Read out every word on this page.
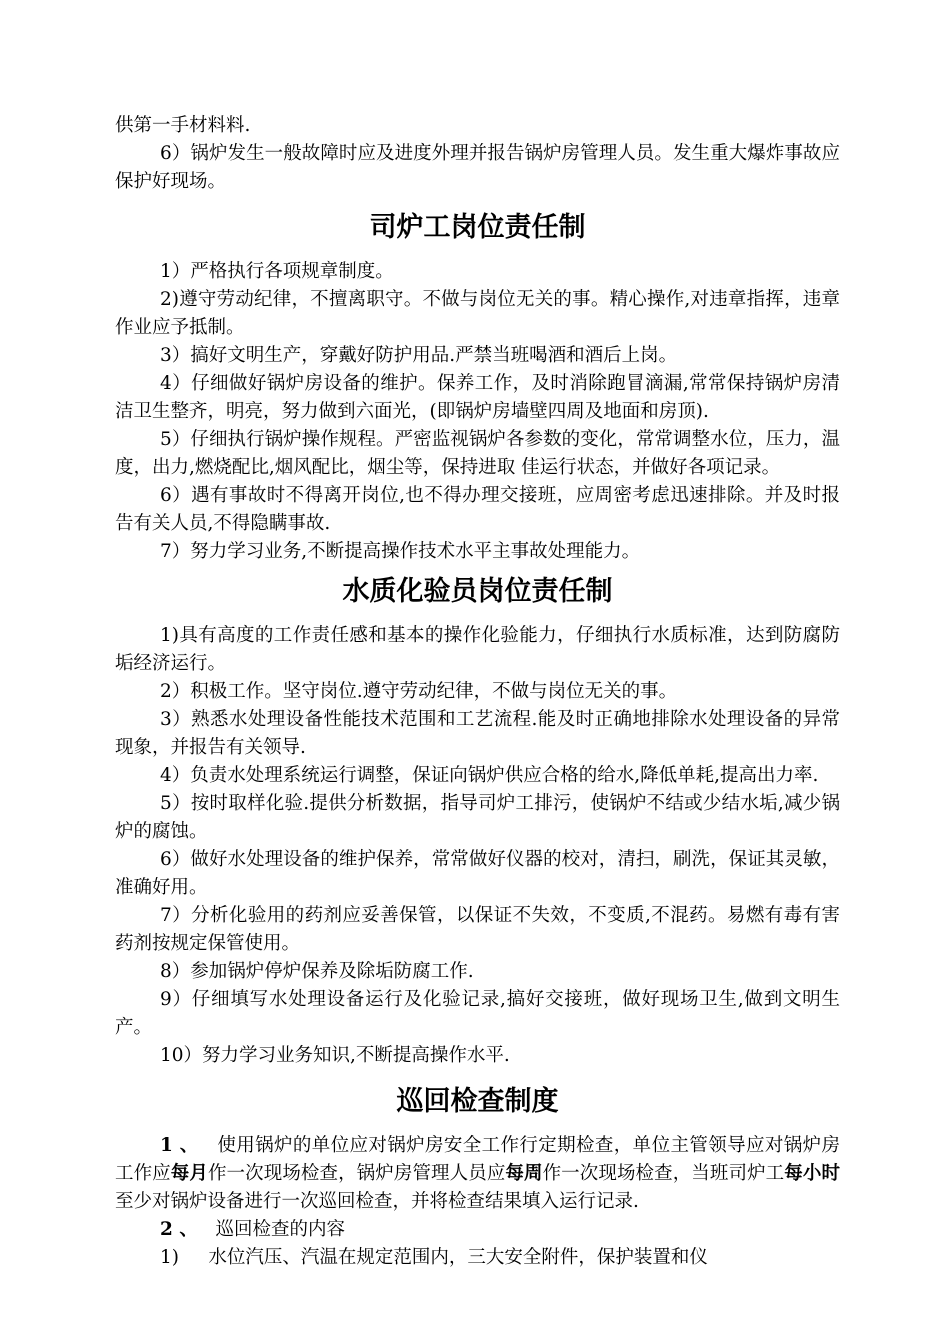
供第一手材料料.

6）锅炉发生一般故障时应及进度外理并报告锅炉房管理人员。发生重大爆炸事故应保护好现场。

司炉工岗位责任制

1）严格执行各项规章制度。

2)遵守劳动纪律，不擅离职守。不做与岗位无关的事。精心操作,对违章指挥，违章作业应予抵制。

3）搞好文明生产，穿戴好防护用品.严禁当班喝酒和酒后上岗。

4）仔细做好锅炉房设备的维护。保养工作，及时消除跑冒滴漏,常常保持锅炉房清洁卫生整齐，明亮，努力做到六面光，(即锅炉房墙壁四周及地面和房顶).

5）仔细执行锅炉操作规程。严密监视锅炉各参数的变化，常常调整水位，压力，温度，出力,燃烧配比,烟风配比，烟尘等，保持进取 佳运行状态，并做好各项记录。

6）遇有事故时不得离开岗位,也不得办理交接班，应周密考虑迅速排除。并及时报告有关人员,不得隐瞒事故.

7）努力学习业务,不断提高操作技术水平主事故处理能力。

水质化验员岗位责任制

1)具有高度的工作责任感和基本的操作化验能力，仔细执行水质标准，达到防腐防垢经济运行。

2）积极工作。坚守岗位.遵守劳动纪律，不做与岗位无关的事。

3）熟悉水处理设备性能技术范围和工艺流程.能及时正确地排除水处理设备的异常现象，并报告有关领导.

4）负责水处理系统运行调整，保证向锅炉供应合格的给水,降低单耗,提高出力率.

5）按时取样化验.提供分析数据，指导司炉工排污，使锅炉不结或少结水垢,减少锅炉的腐蚀。

6）做好水处理设备的维护保养，常常做好仪器的校对，清扫，刷洗，保证其灵敏，准确好用。

7）分析化验用的药剂应妥善保管，以保证不失效，不变质,不混药。易燃有毒有害药剂按规定保管使用。

8）参加锅炉停炉保养及除垢防腐工作.

9）仔细填写水处理设备运行及化验记录,搞好交接班，做好现场卫生,做到文明生产。

10）努力学习业务知识,不断提高操作水平.

巡回检查制度

1 、 使用锅炉的单位应对锅炉房安全工作行定期检查，单位主管领导应对锅炉房工作应每月作一次现场检查，锅炉房管理人员应每周作一次现场检查，当班司炉工每小时至少对锅炉设备进行一次巡回检查，并将检查结果填入运行记录.

2 、 巡回检查的内容

1) 水位汽压、汽温在规定范围内，三大安全附件，保护装置和仪
